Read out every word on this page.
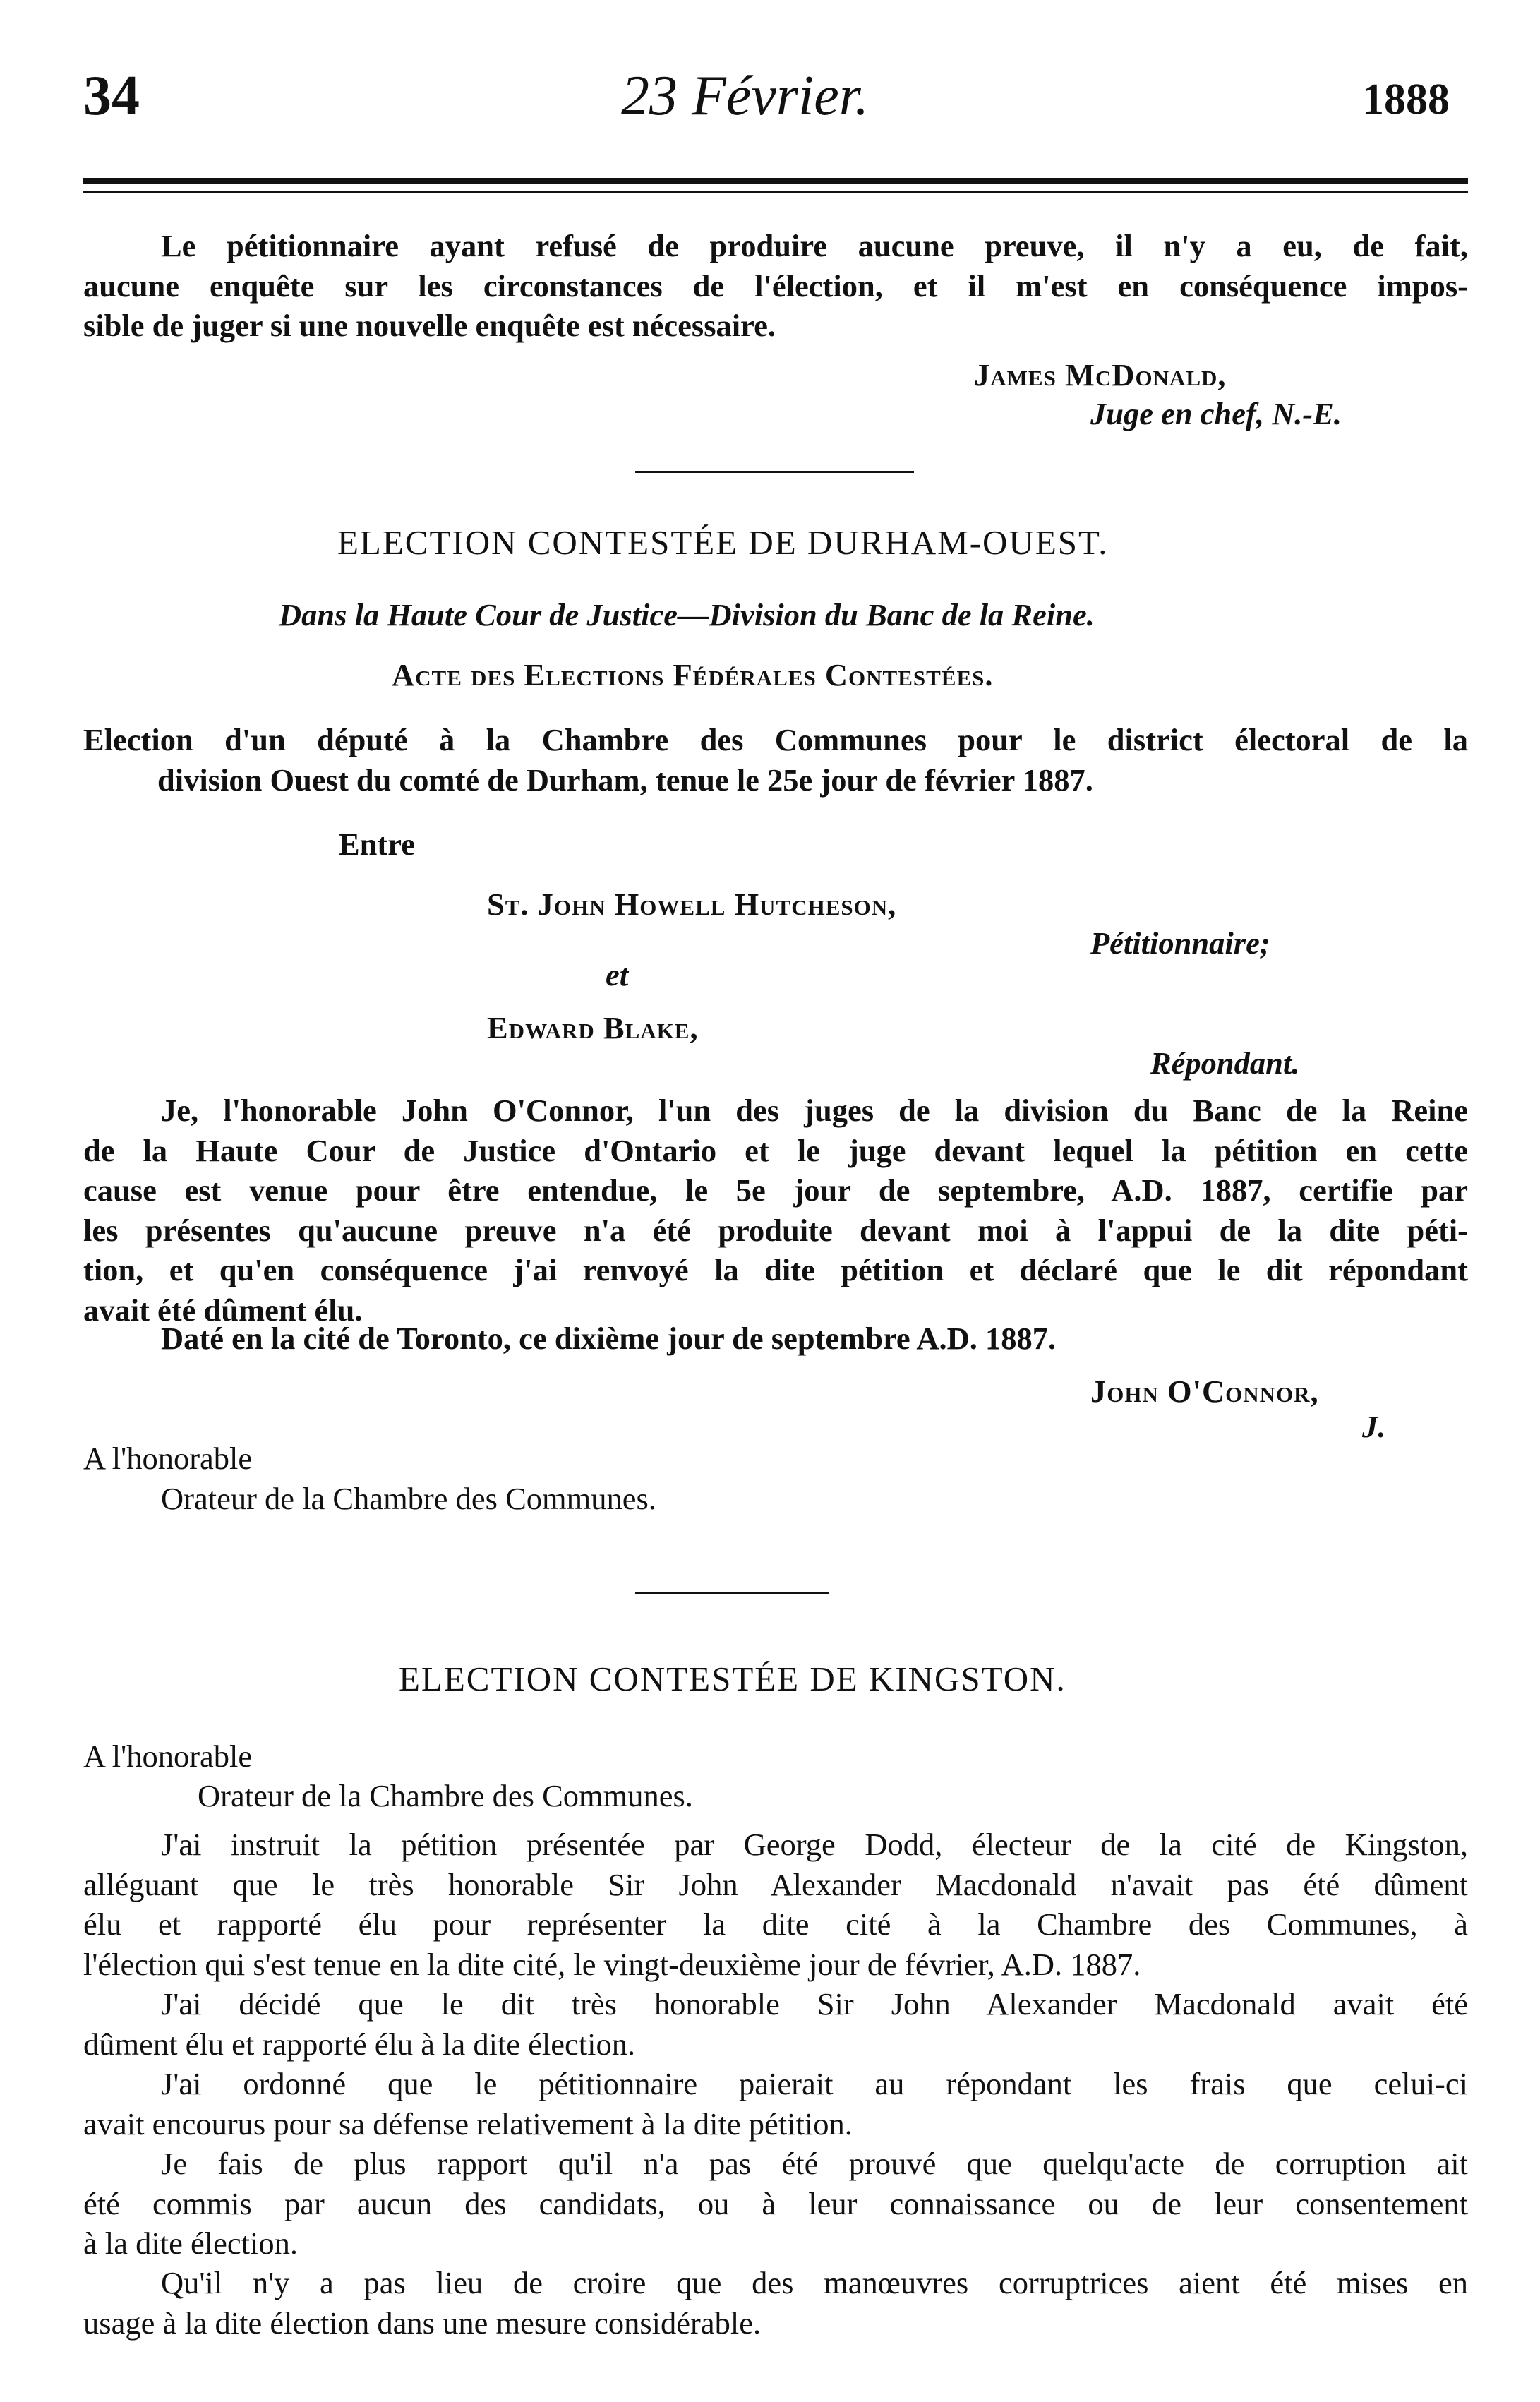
34	23 Février.	1888
Le pétitionnaire ayant refusé de produire aucune preuve, il n'y a eu, de fait,
aucune enquête sur les circonstances de l'élection, et il m'est en conséquence impos-
sible de juger si une nouvelle enquête est nécessaire.
James McDonald,
Juge en chef, N.-E.
ELECTION CONTESTÉE DE DURHAM-OUEST.
Dans la Haute Cour de Justice—Division du Banc de la Reine.
Acte des Elections Fédérales Contestées.
Election d'un député à la Chambre des Communes pour le district électoral de la
division Ouest du comté de Durham, tenue le 25e jour de février 1887.
Entre
St. John Howell Hutcheson,
Pétitionnaire;
et
Edward Blake,
Répondant.
Je, l'honorable John O'Connor, l'un des juges de la division du Banc de la Reine
de la Haute Cour de Justice d'Ontario et le juge devant lequel la pétition en cette
cause est venue pour être entendue, le 5e jour de septembre, A.D. 1887, certifie par
les présentes qu'aucune preuve n'a été produite devant moi à l'appui de la dite péti-
tion, et qu'en conséquence j'ai renvoyé la dite pétition et déclaré que le dit répondant
avait été dûment élu.
Daté en la cité de Toronto, ce dixième jour de septembre A.D. 1887.
John O'Connor,
J.
A l'honorable
Orateur de la Chambre des Communes.
ELECTION CONTESTÉE DE KINGSTON.
A l'honorable
Orateur de la Chambre des Communes.
J'ai instruit la pétition présentée par George Dodd, électeur de la cité de Kingston,
alléguant que le très honorable Sir John Alexander Macdonald n'avait pas été dûment
élu et rapporté élu pour représenter la dite cité à la Chambre des Communes, à
l'élection qui s'est tenue en la dite cité, le vingt-deuxième jour de février, A.D. 1887.
J'ai décidé que le dit très honorable Sir John Alexander Macdonald avait été
dûment élu et rapporté élu à la dite élection.
J'ai ordonné que le pétitionnaire paierait au répondant les frais que celui-ci
avait encourus pour sa défense relativement à la dite pétition.
Je fais de plus rapport qu'il n'a pas été prouvé que quelqu'acte de corruption ait
été commis par aucun des candidats, ou à leur connaissance ou de leur consentement
à la dite élection.
Qu'il n'y a pas lieu de croire que des manœuvres corruptrices aient été mises en
usage à la dite élection dans une mesure considérable.
